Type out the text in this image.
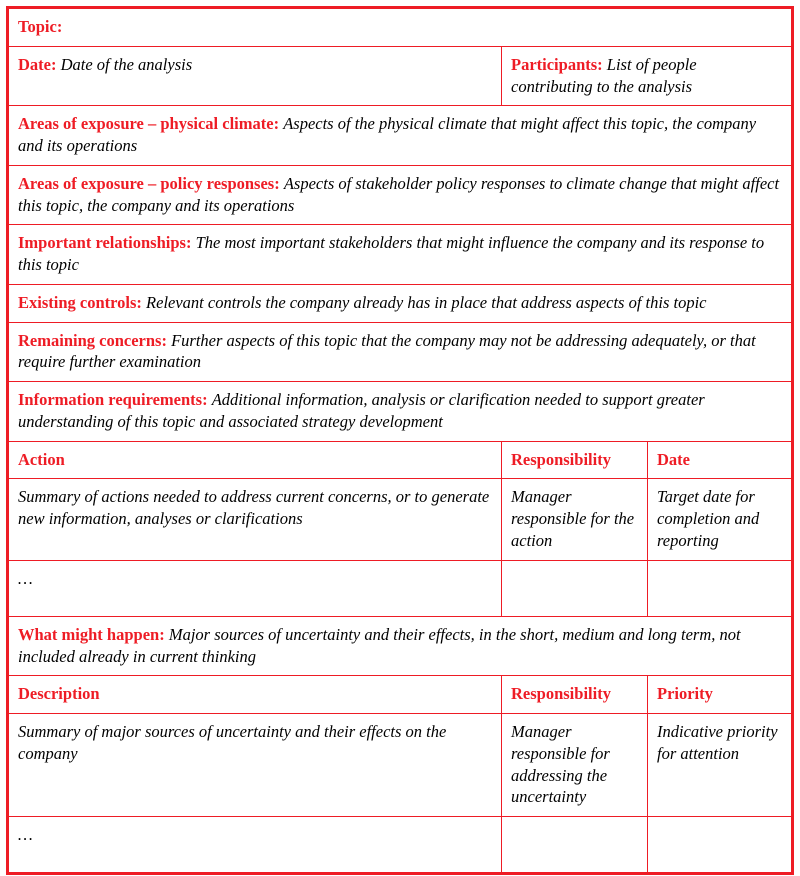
Topic:		
Date: Date of the analysis	Participants: List of people contributing to the analysis	
Areas of exposure – physical climate: Aspects of the physical climate that might affect this topic, the company and its operations		
Areas of exposure – policy responses: Aspects of stakeholder policy responses to climate change that might affect this topic, the company and its operations		
Important relationships: The most important stakeholders that might influence the company and its response to this topic		
Existing controls: Relevant controls the company already has in place that address aspects of this topic		
Remaining concerns: Further aspects of this topic that the company may not be addressing adequately, or that require further examination		
Information requirements: Additional information, analysis or clarification needed to support greater understanding of this topic and associated strategy development		
Action	Responsibility	Date
Summary of actions needed to address current concerns, or to generate new information, analyses or clarifications	Manager responsible for the action	Target date for completion and reporting
…		
What might happen: Major sources of uncertainty and their effects, in the short, medium and long term, not included already in current thinking		
Description	Responsibility	Priority
Summary of major sources of uncertainty and their effects on the company	Manager responsible for addressing the uncertainty	Indicative priority for attention
…		
